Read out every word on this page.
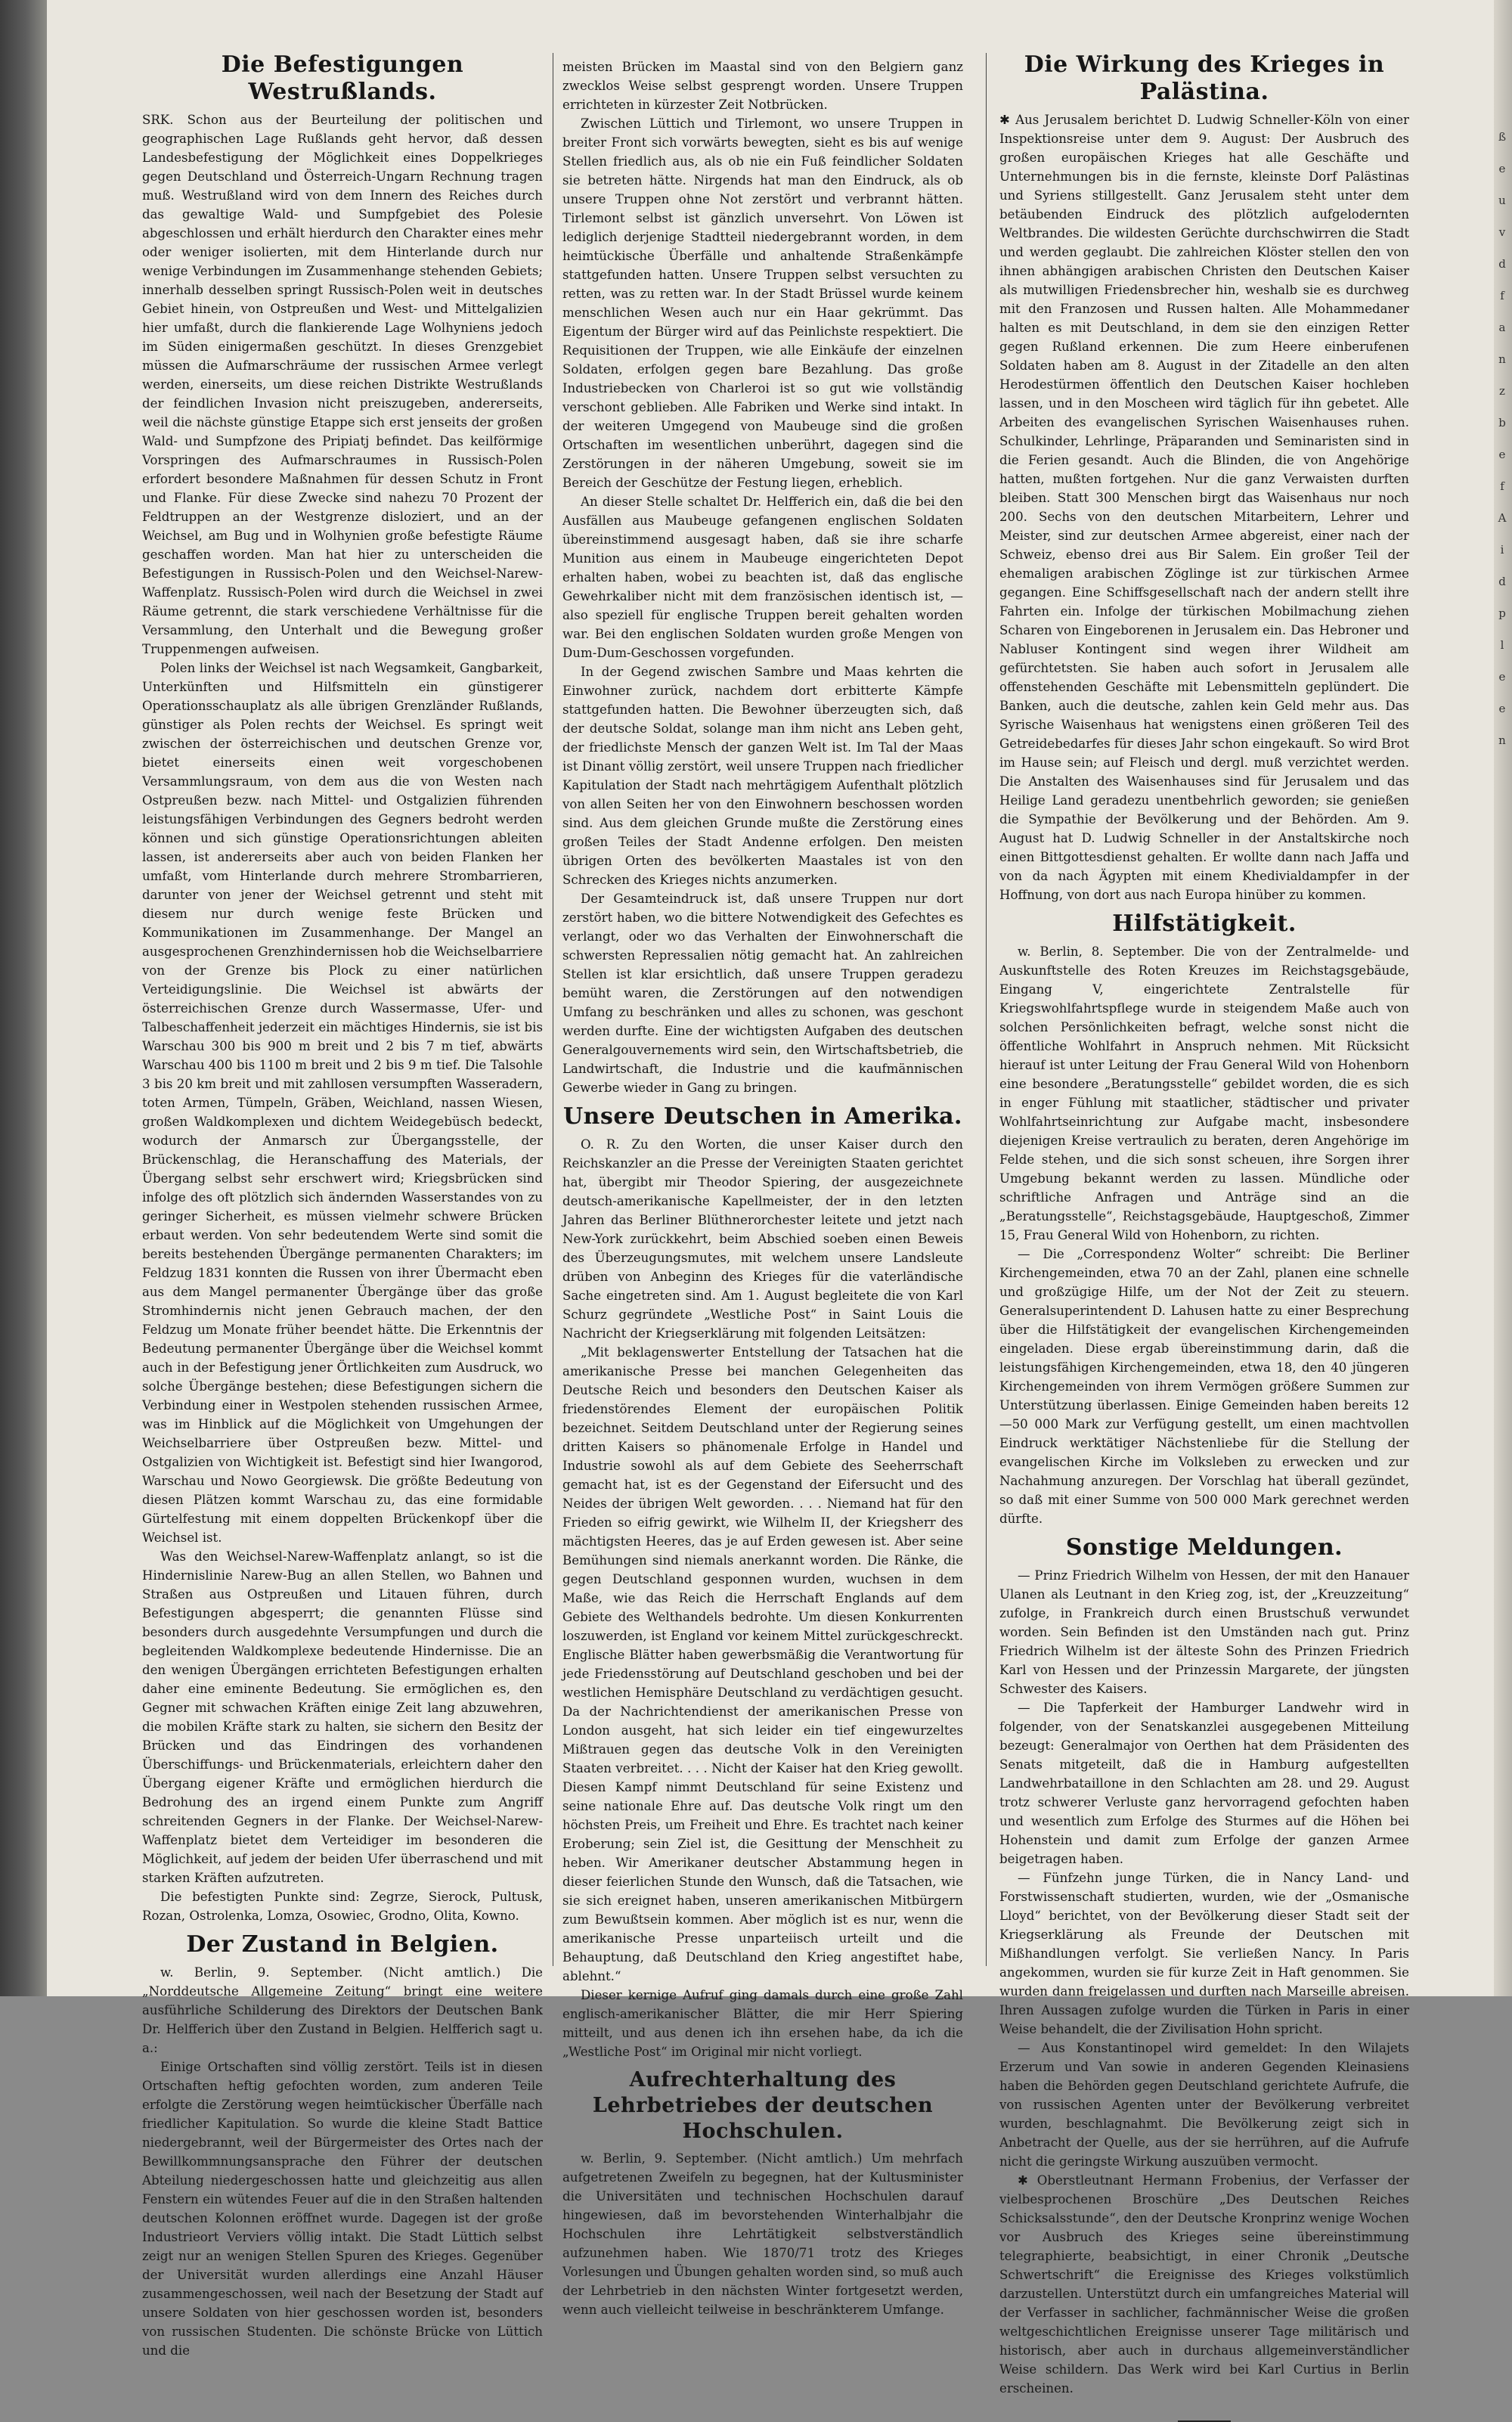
ß
e
u
v
d
f
a
n
z
b
e
f
A
i
d
p
l
e
e
n
Die Befestigungen Westrußlands.

SRK. Schon aus der Beurteilung der politischen und geographischen Lage Rußlands geht hervor, daß dessen Landesbefestigung der Möglichkeit eines Doppelkrieges gegen Deutschland und Österreich-Ungarn Rechnung tragen muß. Westrußland wird von dem Innern des Reiches durch das gewaltige Wald- und Sumpfgebiet des Polesie abgeschlossen und erhält hierdurch den Charakter eines mehr oder weniger isolierten, mit dem Hinterlande durch nur wenige Verbindungen im Zusammenhange stehenden Gebiets; innerhalb desselben springt Russisch-Polen weit in deutsches Gebiet hinein, von Ostpreußen und West- und Mittelgalizien hier umfaßt, durch die flankierende Lage Wolhyniens jedoch im Süden einigermaßen geschützt. In dieses Grenzgebiet müssen die Aufmarschräume der russischen Armee verlegt werden, einerseits, um diese reichen Distrikte Westrußlands der feindlichen Invasion nicht preiszugeben, andererseits, weil die nächste günstige Etappe sich erst jenseits der großen Wald- und Sumpfzone des Pripiatj befindet. Das keilförmige Vorspringen des Aufmarschraumes in Russisch-Polen erfordert besondere Maßnahmen für dessen Schutz in Front und Flanke. Für diese Zwecke sind nahezu 70 Prozent der Feldtruppen an der Westgrenze disloziert, und an der Weichsel, am Bug und in Wolhynien große befestigte Räume geschaffen worden. Man hat hier zu unterscheiden die Befestigungen in Russisch-Polen und den Weichsel-Narew-Waffenplatz. Russisch-Polen wird durch die Weichsel in zwei Räume getrennt, die stark verschiedene Verhältnisse für die Versammlung, den Unterhalt und die Bewegung großer Truppenmengen aufweisen.

Polen links der Weichsel ist nach Wegsamkeit, Gangbarkeit, Unterkünften und Hilfsmitteln ein günstigerer Operationsschauplatz als alle übrigen Grenzländer Rußlands, günstiger als Polen rechts der Weichsel. Es springt weit zwischen der österreichischen und deutschen Grenze vor, bietet einerseits einen weit vorgeschobenen Versammlungsraum, von dem aus die von Westen nach Ostpreußen bezw. nach Mittel- und Ostgalizien führenden leistungsfähigen Verbindungen des Gegners bedroht werden können und sich günstige Operationsrichtungen ableiten lassen, ist andererseits aber auch von beiden Flanken her umfaßt, vom Hinterlande durch mehrere Strombarrieren, darunter von jener der Weichsel getrennt und steht mit diesem nur durch wenige feste Brücken und Kommunikationen im Zusammenhange. Der Mangel an ausgesprochenen Grenzhindernissen hob die Weichselbarriere von der Grenze bis Plock zu einer natürlichen Verteidigungslinie. Die Weichsel ist abwärts der österreichischen Grenze durch Wassermasse, Ufer- und Talbeschaffenheit jederzeit ein mächtiges Hindernis, sie ist bis Warschau 300 bis 900 m breit und 2 bis 7 m tief, abwärts Warschau 400 bis 1100 m breit und 2 bis 9 m tief. Die Talsohle 3 bis 20 km breit und mit zahllosen versumpften Wasseradern, toten Armen, Tümpeln, Gräben, Weichland, nassen Wiesen, großen Waldkomplexen und dichtem Weidegebüsch bedeckt, wodurch der Anmarsch zur Übergangsstelle, der Brückenschlag, die Heranschaffung des Materials, der Übergang selbst sehr erschwert wird; Kriegsbrücken sind infolge des oft plötzlich sich ändernden Wasserstandes von zu geringer Sicherheit, es müssen vielmehr schwere Brücken erbaut werden. Von sehr bedeutendem Werte sind somit die bereits bestehenden Übergänge permanenten Charakters; im Feldzug 1831 konnten die Russen von ihrer Übermacht eben aus dem Mangel permanenter Übergänge über das große Stromhindernis nicht jenen Gebrauch machen, der den Feldzug um Monate früher beendet hätte. Die Erkenntnis der Bedeutung permanenter Übergänge über die Weichsel kommt auch in der Befestigung jener Örtlichkeiten zum Ausdruck, wo solche Übergänge bestehen; diese Befestigungen sichern die Verbindung einer in Westpolen stehenden russischen Armee, was im Hinblick auf die Möglichkeit von Umgehungen der Weichselbarriere über Ostpreußen bezw. Mittel- und Ostgalizien von Wichtigkeit ist. Befestigt sind hier Iwangorod, Warschau und Nowo Georgiewsk. Die größte Bedeutung von diesen Plätzen kommt Warschau zu, das eine formidable Gürtelfestung mit einem doppelten Brückenkopf über die Weichsel ist.

Was den Weichsel-Narew-Waffenplatz anlangt, so ist die Hindernislinie Narew-Bug an allen Stellen, wo Bahnen und Straßen aus Ostpreußen und Litauen führen, durch Befestigungen abgesperrt; die genannten Flüsse sind besonders durch ausgedehnte Versumpfungen und durch die begleitenden Waldkomplexe bedeutende Hindernisse. Die an den wenigen Übergängen errichteten Befestigungen erhalten daher eine eminente Bedeutung. Sie ermöglichen es, den Gegner mit schwachen Kräften einige Zeit lang abzuwehren, die mobilen Kräfte stark zu halten, sie sichern den Besitz der Brücken und das Eindringen des vorhandenen Überschiffungs- und Brückenmaterials, erleichtern daher den Übergang eigener Kräfte und ermöglichen hierdurch die Bedrohung des an irgend einem Punkte zum Angriff schreitenden Gegners in der Flanke. Der Weichsel-Narew-Waffenplatz bietet dem Verteidiger im besonderen die Möglichkeit, auf jedem der beiden Ufer überraschend und mit starken Kräften aufzutreten.

Die befestigten Punkte sind: Zegrze, Sierock, Pultusk, Rozan, Ostrolenka, Lomza, Osowiec, Grodno, Olita, Kowno.

Der Zustand in Belgien.

w. Berlin, 9. September. (Nicht amtlich.) Die „Norddeutsche Allgemeine Zeitung“ bringt eine weitere ausführliche Schilderung des Direktors der Deutschen Bank Dr. Helfferich über den Zustand in Belgien. Helfferich sagt u. a.:

Einige Ortschaften sind völlig zerstört. Teils ist in diesen Ortschaften heftig gefochten worden, zum anderen Teile erfolgte die Zerstörung wegen heimtückischer Überfälle nach friedlicher Kapitulation. So wurde die kleine Stadt Battice niedergebrannt, weil der Bürgermeister des Ortes nach der Bewillkommnungsansprache den Führer der deutschen Abteilung niedergeschossen hatte und gleichzeitig aus allen Fenstern ein wütendes Feuer auf die in den Straßen haltenden deutschen Kolonnen eröffnet wurde. Dagegen ist der große Industrieort Verviers völlig intakt. Die Stadt Lüttich selbst zeigt nur an wenigen Stellen Spuren des Krieges. Gegenüber der Universität wurden allerdings eine Anzahl Häuser zusammengeschossen, weil nach der Besetzung der Stadt auf unsere Soldaten von hier geschossen worden ist, besonders von russischen Studenten. Die schönste Brücke von Lüttich und die

meisten Brücken im Maastal sind von den Belgiern ganz zwecklos Weise selbst gesprengt worden. Unsere Truppen errichteten in kürzester Zeit Notbrücken.

Zwischen Lüttich und Tirlemont, wo unsere Truppen in breiter Front sich vorwärts bewegten, sieht es bis auf wenige Stellen friedlich aus, als ob nie ein Fuß feindlicher Soldaten sie betreten hätte. Nirgends hat man den Eindruck, als ob unsere Truppen ohne Not zerstört und verbrannt hätten. Tirlemont selbst ist gänzlich unversehrt. Von Löwen ist lediglich derjenige Stadtteil niedergebrannt worden, in dem heimtückische Überfälle und anhaltende Straßenkämpfe stattgefunden hatten. Unsere Truppen selbst versuchten zu retten, was zu retten war. In der Stadt Brüssel wurde keinem menschlichen Wesen auch nur ein Haar gekrümmt. Das Eigentum der Bürger wird auf das Peinlichste respektiert. Die Requisitionen der Truppen, wie alle Einkäufe der einzelnen Soldaten, erfolgen gegen bare Bezahlung. Das große Industriebecken von Charleroi ist so gut wie vollständig verschont geblieben. Alle Fabriken und Werke sind intakt. In der weiteren Umgegend von Maubeuge sind die großen Ortschaften im wesentlichen unberührt, dagegen sind die Zerstörungen in der näheren Umgebung, soweit sie im Bereich der Geschütze der Festung liegen, erheblich.

An dieser Stelle schaltet Dr. Helfferich ein, daß die bei den Ausfällen aus Maubeuge gefangenen englischen Soldaten übereinstimmend ausgesagt haben, daß sie ihre scharfe Munition aus einem in Maubeuge eingerichteten Depot erhalten haben, wobei zu beachten ist, daß das englische Gewehrkaliber nicht mit dem französischen identisch ist, — also speziell für englische Truppen bereit gehalten worden war. Bei den englischen Soldaten wurden große Mengen von Dum-Dum-Geschossen vorgefunden.

In der Gegend zwischen Sambre und Maas kehrten die Einwohner zurück, nachdem dort erbitterte Kämpfe stattgefunden hatten. Die Bewohner überzeugten sich, daß der deutsche Soldat, solange man ihm nicht ans Leben geht, der friedlichste Mensch der ganzen Welt ist. Im Tal der Maas ist Dinant völlig zerstört, weil unsere Truppen nach friedlicher Kapitulation der Stadt nach mehrtägigem Aufenthalt plötzlich von allen Seiten her von den Einwohnern beschossen worden sind. Aus dem gleichen Grunde mußte die Zerstörung eines großen Teiles der Stadt Andenne erfolgen. Den meisten übrigen Orten des bevölkerten Maastales ist von den Schrecken des Krieges nichts anzumerken.

Der Gesamteindruck ist, daß unsere Truppen nur dort zerstört haben, wo die bittere Notwendigkeit des Gefechtes es verlangt, oder wo das Verhalten der Einwohnerschaft die schwersten Repressalien nötig gemacht hat. An zahlreichen Stellen ist klar ersichtlich, daß unsere Truppen geradezu bemüht waren, die Zerstörungen auf den notwendigen Umfang zu beschränken und alles zu schonen, was geschont werden durfte. Eine der wichtigsten Aufgaben des deutschen Generalgouvernements wird sein, den Wirtschaftsbetrieb, die Landwirtschaft, die Industrie und die kaufmännischen Gewerbe wieder in Gang zu bringen.

Unsere Deutschen in Amerika.

O. R. Zu den Worten, die unser Kaiser durch den Reichskanzler an die Presse der Vereinigten Staaten gerichtet hat, übergibt mir Theodor Spiering, der ausgezeichnete deutsch-amerikanische Kapellmeister, der in den letzten Jahren das Berliner Blüthnerorchester leitete und jetzt nach New-York zurückkehrt, beim Abschied soeben einen Beweis des Überzeugungsmutes, mit welchem unsere Landsleute drüben von Anbeginn des Krieges für die vaterländische Sache eingetreten sind. Am 1. August begleitete die von Karl Schurz gegründete „Westliche Post“ in Saint Louis die Nachricht der Kriegserklärung mit folgenden Leitsätzen:

„Mit beklagenswerter Entstellung der Tatsachen hat die amerikanische Presse bei manchen Gelegenheiten das Deutsche Reich und besonders den Deutschen Kaiser als friedenstörendes Element der europäischen Politik bezeichnet. Seitdem Deutschland unter der Regierung seines dritten Kaisers so phänomenale Erfolge in Handel und Industrie sowohl als auf dem Gebiete des Seeherrschaft gemacht hat, ist es der Gegenstand der Eifersucht und des Neides der übrigen Welt geworden. . . . Niemand hat für den Frieden so eifrig gewirkt, wie Wilhelm II, der Kriegsherr des mächtigsten Heeres, das je auf Erden gewesen ist. Aber seine Bemühungen sind niemals anerkannt worden. Die Ränke, die gegen Deutschland gesponnen wurden, wuchsen in dem Maße, wie das Reich die Herrschaft Englands auf dem Gebiete des Welthandels bedrohte. Um diesen Konkurrenten loszuwerden, ist England vor keinem Mittel zurückgeschreckt. Englische Blätter haben gewerbsmäßig die Verantwortung für jede Friedensstörung auf Deutschland geschoben und bei der westlichen Hemisphäre Deutschland zu verdächtigen gesucht. Da der Nachrichtendienst der amerikanischen Presse von London ausgeht, hat sich leider ein tief eingewurzeltes Mißtrauen gegen das deutsche Volk in den Vereinigten Staaten verbreitet. . . . Nicht der Kaiser hat den Krieg gewollt. Diesen Kampf nimmt Deutschland für seine Existenz und seine nationale Ehre auf. Das deutsche Volk ringt um den höchsten Preis, um Freiheit und Ehre. Es trachtet nach keiner Eroberung; sein Ziel ist, die Gesittung der Menschheit zu heben. Wir Amerikaner deutscher Abstammung hegen in dieser feierlichen Stunde den Wunsch, daß die Tatsachen, wie sie sich ereignet haben, unseren amerikanischen Mitbürgern zum Bewußtsein kommen. Aber möglich ist es nur, wenn die amerikanische Presse unparteiisch urteilt und die Behauptung, daß Deutschland den Krieg angestiftet habe, ablehnt.“

Dieser kernige Aufruf ging damals durch eine große Zahl englisch-amerikanischer Blätter, die mir Herr Spiering mitteilt, und aus denen ich ihn ersehen habe, da ich die „Westliche Post“ im Original mir nicht vorliegt.

Aufrechterhaltung des Lehrbetriebes der deutschen Hochschulen.

w. Berlin, 9. September. (Nicht amtlich.) Um mehrfach aufgetretenen Zweifeln zu begegnen, hat der Kultusminister die Universitäten und technischen Hochschulen darauf hingewiesen, daß im bevorstehenden Winterhalbjahr die Hochschulen ihre Lehrtätigkeit selbstverständlich aufzunehmen haben. Wie 1870/71 trotz des Krieges Vorlesungen und Übungen gehalten worden sind, so muß auch der Lehrbetrieb in den nächsten Winter fortgesetzt werden, wenn auch vielleicht teilweise in beschränkterem Umfange.

Die Wirkung des Krieges in Palästina.

✱ Aus Jerusalem berichtet D. Ludwig Schneller-Köln von einer Inspektionsreise unter dem 9. August: Der Ausbruch des großen europäischen Krieges hat alle Geschäfte und Unternehmungen bis in die fernste, kleinste Dorf Palästinas und Syriens stillgestellt. Ganz Jerusalem steht unter dem betäubenden Eindruck des plötzlich aufgelodernten Weltbrandes. Die wildesten Gerüchte durchschwirren die Stadt und werden geglaubt. Die zahlreichen Klöster stellen den von ihnen abhängigen arabischen Christen den Deutschen Kaiser als mutwilligen Friedensbrecher hin, weshalb sie es durchweg mit den Franzosen und Russen halten. Alle Mohammedaner halten es mit Deutschland, in dem sie den einzigen Retter gegen Rußland erkennen. Die zum Heere einberufenen Soldaten haben am 8. August in der Zitadelle an den alten Herodestürmen öffentlich den Deutschen Kaiser hochleben lassen, und in den Moscheen wird täglich für ihn gebetet. Alle Arbeiten des evangelischen Syrischen Waisenhauses ruhen. Schulkinder, Lehrlinge, Präparanden und Seminaristen sind in die Ferien gesandt. Auch die Blinden, die von Angehörige hatten, mußten fortgehen. Nur die ganz Verwaisten durften bleiben. Statt 300 Menschen birgt das Waisenhaus nur noch 200. Sechs von den deutschen Mitarbeitern, Lehrer und Meister, sind zur deutschen Armee abgereist, einer nach der Schweiz, ebenso drei aus Bir Salem. Ein großer Teil der ehemaligen arabischen Zöglinge ist zur türkischen Armee gegangen. Eine Schiffsgesellschaft nach der andern stellt ihre Fahrten ein. Infolge der türkischen Mobilmachung ziehen Scharen von Eingeborenen in Jerusalem ein. Das Hebroner und Nabluser Kontingent sind wegen ihrer Wildheit am gefürchtetsten. Sie haben auch sofort in Jerusalem alle offenstehenden Geschäfte mit Lebensmitteln geplündert. Die Banken, auch die deutsche, zahlen kein Geld mehr aus. Das Syrische Waisenhaus hat wenigstens einen größeren Teil des Getreidebedarfes für dieses Jahr schon eingekauft. So wird Brot im Hause sein; auf Fleisch und dergl. muß verzichtet werden. Die Anstalten des Waisenhauses sind für Jerusalem und das Heilige Land geradezu unentbehrlich geworden; sie genießen die Sympathie der Bevölkerung und der Behörden. Am 9. August hat D. Ludwig Schneller in der Anstaltskirche noch einen Bittgottesdienst gehalten. Er wollte dann nach Jaffa und von da nach Ägypten mit einem Khedivialdampfer in der Hoffnung, von dort aus nach Europa hinüber zu kommen.

Hilfstätigkeit.

w. Berlin, 8. September. Die von der Zentralmelde- und Auskunftstelle des Roten Kreuzes im Reichstagsgebäude, Eingang V, eingerichtete Zentralstelle für Kriegswohlfahrtspflege wurde in steigendem Maße auch von solchen Persönlichkeiten befragt, welche sonst nicht die öffentliche Wohlfahrt in Anspruch nehmen. Mit Rücksicht hierauf ist unter Leitung der Frau General Wild von Hohenborn eine besondere „Beratungsstelle“ gebildet worden, die es sich in enger Fühlung mit staatlicher, städtischer und privater Wohlfahrtseinrichtung zur Aufgabe macht, insbesondere diejenigen Kreise vertraulich zu beraten, deren Angehörige im Felde stehen, und die sich sonst scheuen, ihre Sorgen ihrer Umgebung bekannt werden zu lassen. Mündliche oder schriftliche Anfragen und Anträge sind an die „Beratungsstelle“, Reichstagsgebäude, Hauptgeschoß, Zimmer 15, Frau General Wild von Hohenborn, zu richten.

— Die „Correspondenz Wolter“ schreibt: Die Berliner Kirchengemeinden, etwa 70 an der Zahl, planen eine schnelle und großzügige Hilfe, um der Not der Zeit zu steuern. Generalsuperintendent D. Lahusen hatte zu einer Besprechung über die Hilfstätigkeit der evangelischen Kirchengemeinden eingeladen. Diese ergab übereinstimmung darin, daß die leistungsfähigen Kirchengemeinden, etwa 18, den 40 jüngeren Kirchengemeinden von ihrem Vermögen größere Summen zur Unterstützung überlassen. Einige Gemeinden haben bereits 12—50 000 Mark zur Verfügung gestellt, um einen machtvollen Eindruck werktätiger Nächstenliebe für die Stellung der evangelischen Kirche im Volksleben zu erwecken und zur Nachahmung anzuregen. Der Vorschlag hat überall gezündet, so daß mit einer Summe von 500 000 Mark gerechnet werden dürfte.

Sonstige Meldungen.

— Prinz Friedrich Wilhelm von Hessen, der mit den Hanauer Ulanen als Leutnant in den Krieg zog, ist, der „Kreuzzeitung“ zufolge, in Frankreich durch einen Brustschuß verwundet worden. Sein Befinden ist den Umständen nach gut. Prinz Friedrich Wilhelm ist der älteste Sohn des Prinzen Friedrich Karl von Hessen und der Prinzessin Margarete, der jüngsten Schwester des Kaisers.

— Die Tapferkeit der Hamburger Landwehr wird in folgender, von der Senatskanzlei ausgegebenen Mitteilung bezeugt: Generalmajor von Oerthen hat dem Präsidenten des Senats mitgeteilt, daß die in Hamburg aufgestellten Landwehrbataillone in den Schlachten am 28. und 29. August trotz schwerer Verluste ganz hervorragend gefochten haben und wesentlich zum Erfolge des Sturmes auf die Höhen bei Hohenstein und damit zum Erfolge der ganzen Armee beigetragen haben.

— Fünfzehn junge Türken, die in Nancy Land- und Forstwissenschaft studierten, wurden, wie der „Osmanische Lloyd“ berichtet, von der Bevölkerung dieser Stadt seit der Kriegserklärung als Freunde der Deutschen mit Mißhandlungen verfolgt. Sie verließen Nancy. In Paris angekommen, wurden sie für kurze Zeit in Haft genommen. Sie wurden dann freigelassen und durften nach Marseille abreisen. Ihren Aussagen zufolge wurden die Türken in Paris in einer Weise behandelt, die der Zivilisation Hohn spricht.

— Aus Konstantinopel wird gemeldet: In den Wilajets Erzerum und Van sowie in anderen Gegenden Kleinasiens haben die Behörden gegen Deutschland gerichtete Aufrufe, die von russischen Agenten unter der Bevölkerung verbreitet wurden, beschlagnahmt. Die Bevölkerung zeigt sich in Anbetracht der Quelle, aus der sie herrühren, auf die Aufrufe nicht die geringste Wirkung auszuüben vermocht.

✱ Oberstleutnant Hermann Frobenius, der Verfasser der vielbesprochenen Broschüre „Des Deutschen Reiches Schicksalsstunde“, den der Deutsche Kronprinz wenige Wochen vor Ausbruch des Krieges seine übereinstimmung telegraphierte, beabsichtigt, in einer Chronik „Deutsche Schwertschrift“ die Ereignisse des Krieges volkstümlich darzustellen. Unterstützt durch ein umfangreiches Material will der Verfasser in sachlicher, fachmännischer Weise die großen weltgeschichtlichen Ereignisse unserer Tage militärisch und historisch, aber auch in durchaus allgemeinverständlicher Weise schildern. Das Werk wird bei Karl Curtius in Berlin erscheinen.
